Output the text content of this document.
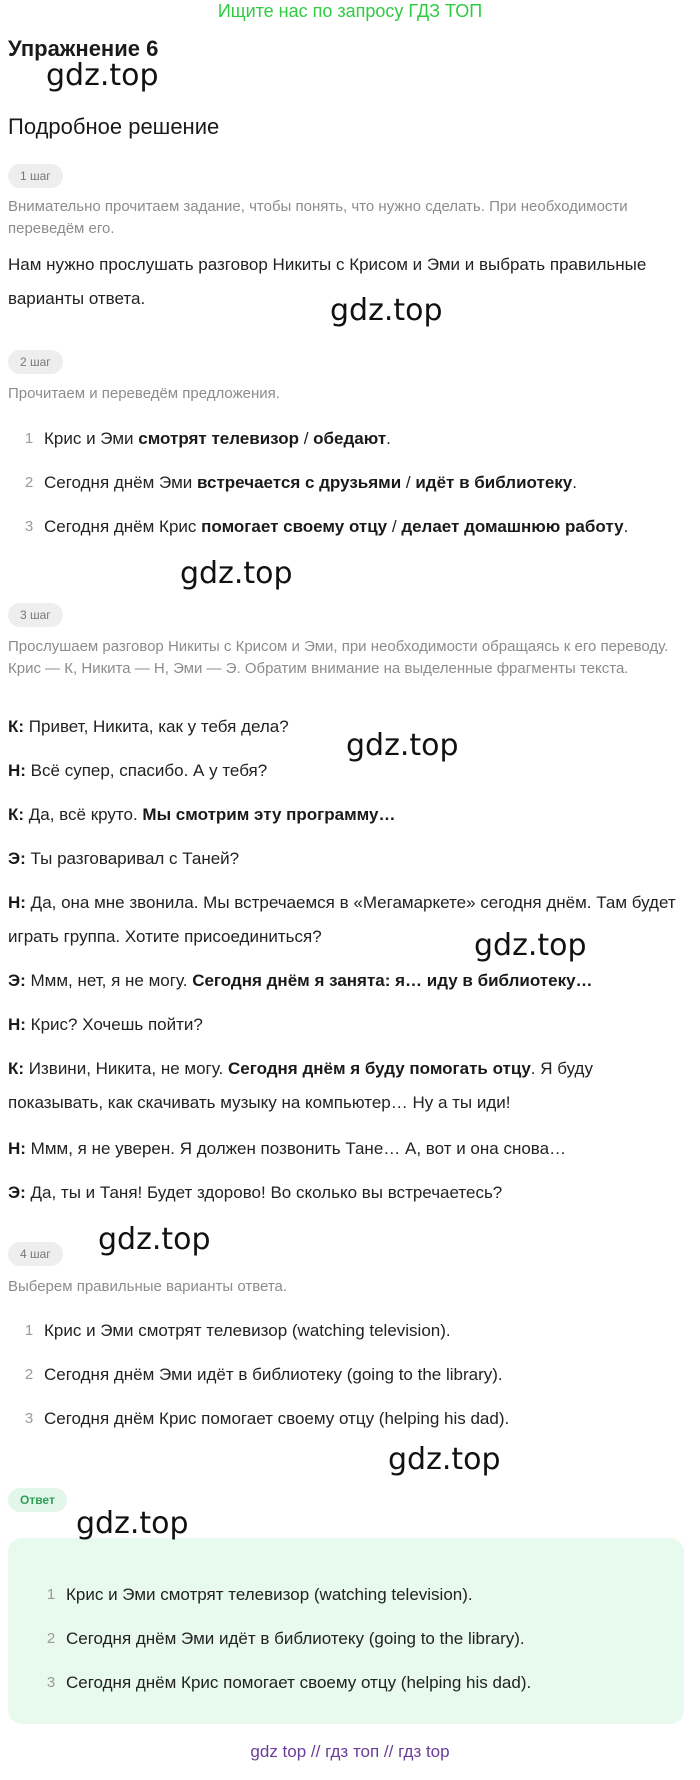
Ищите нас по запросу ГДЗ ТОП
Упражнение 6
gdz.top
Подробное решение
1 шаг
Внимательно прочитаем задание, чтобы понять, что нужно сделать. При необходимости переведём его.
Нам нужно прослушать разговор Никиты с Крисом и Эми и выбрать правильные варианты ответа.	gdz.top
2 шаг
Прочитаем и переведём предложения.
1 Крис и Эми смотрят телевизор / обедают.
2 Сегодня днём Эми встречается с друзьями / идёт в библиотеку.
3 Сегодня днём Крис помогает своему отцу / делает домашнюю работу.
gdz.top
3 шаг
Прослушаем разговор Никиты с Крисом и Эми, при необходимости обращаясь к его переводу. Крис — К, Никита — Н, Эми — Э. Обратим внимание на выделенные фрагменты текста.
К: Привет, Никита, как у тебя дела?
gdz.top
Н: Всё супер, спасибо. А у тебя?
К: Да, всё круто. Мы смотрим эту программу…
Э: Ты разговаривал с Таней?
Н: Да, она мне звонила. Мы встречаемся в «Мегамаркете» сегодня днём. Там будет играть группа. Хотите присоединиться?	gdz.top
Э: Ммм, нет, я не могу. Сегодня днём я занята: я… иду в библиотеку…
Н: Крис? Хочешь пойти?
К: Извини, Никита, не могу. Сегодня днём я буду помогать отцу. Я буду показывать, как скачивать музыку на компьютер… Ну а ты иди!
Н: Ммм, я не уверен. Я должен позвонить Тане… А, вот и она снова…
Э: Да, ты и Таня! Будет здорово! Во сколько вы встречаетесь?
gdz.top
4 шаг
Выберем правильные варианты ответа.
1 Крис и Эми смотрят телевизор (watching television).
2 Сегодня днём Эми идёт в библиотеку (going to the library).
3 Сегодня днём Крис помогает своему отцу (helping his dad).
gdz.top
Ответ
1 Крис и Эми смотрят телевизор (watching television).
2 Сегодня днём Эми идёт в библиотеку (going to the library).
3 Сегодня днём Крис помогает своему отцу (helping his dad).
gdz.top
gdz top // гдз топ // гдз top
